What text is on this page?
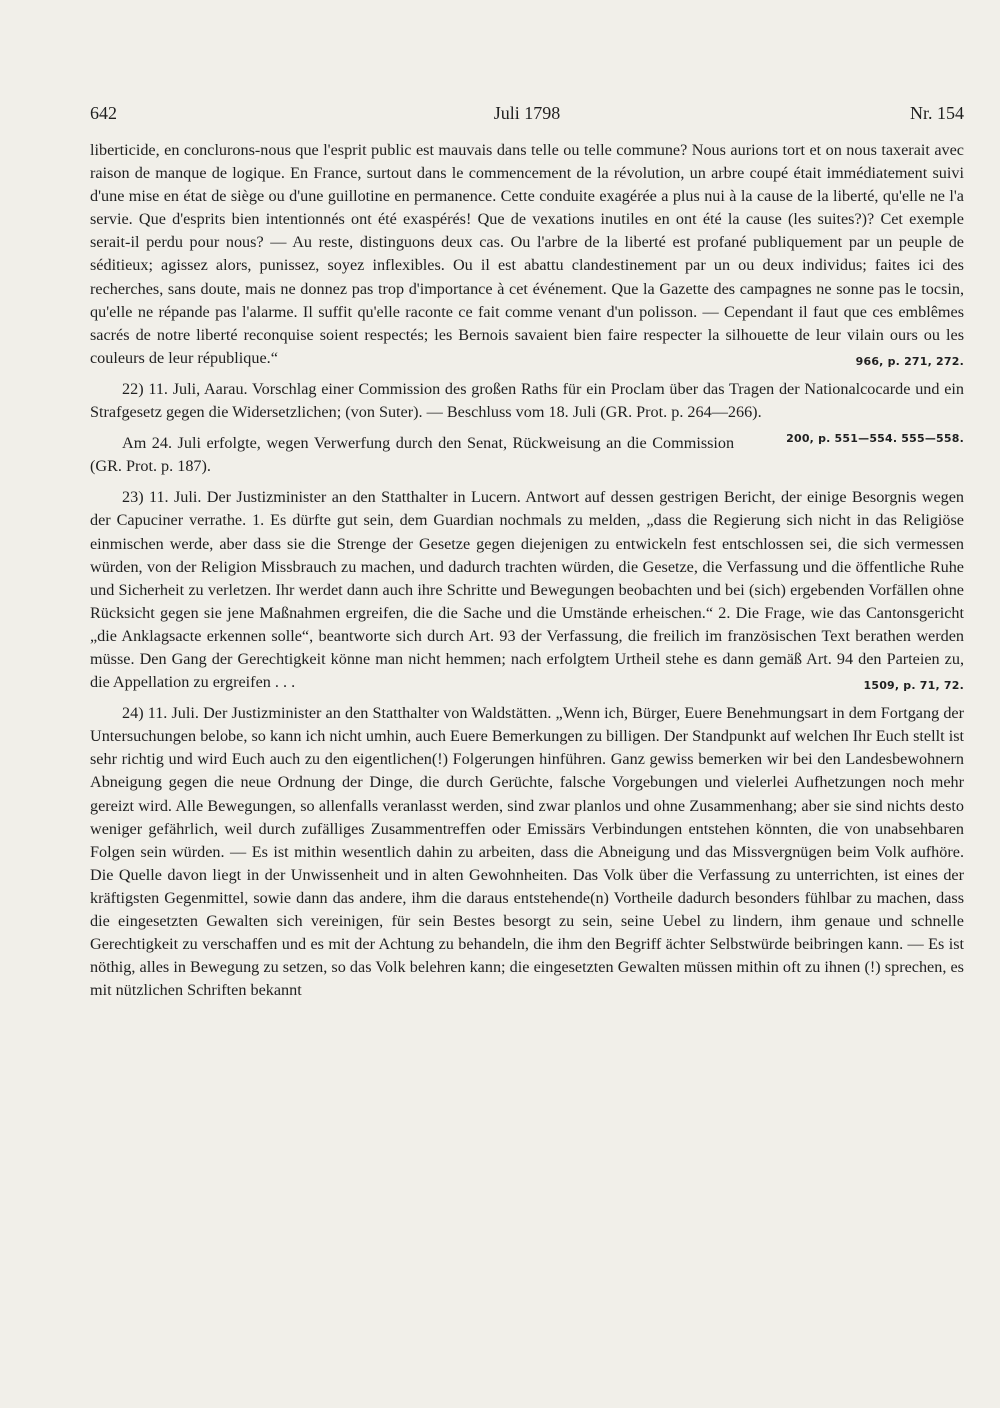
Juli 1798
642	Nr. 154

liberticide, en conclurons-nous que l'esprit public est mauvais dans telle ou telle commune? Nous aurions tort et on nous taxerait avec raison de manque de logique. En France, surtout dans le commencement de la révolution, un arbre coupé était immédiatement suivi d'une mise en état de siège ou d'une guillotine en permanence. Cette conduite exagérée a plus nui à la cause de la liberté, qu'elle ne l'a servie. Que d'esprits bien intentionnés ont été exaspérés! Que de vexations inutiles en ont été la cause (les suites?)? Cet exemple serait-il perdu pour nous? — Au reste, distinguons deux cas. Ou l'arbre de la liberté est profané publiquement par un peuple de séditieux; agissez alors, punissez, soyez inflexibles. Ou il est abattu clandestinement par un ou deux individus; faites ici des recherches, sans doute, mais ne donnez pas trop d'importance à cet événement. Que la Gazette des campagnes ne sonne pas le tocsin, qu'elle ne répande pas l'alarme. Il suffit qu'elle raconte ce fait comme venant d'un polisson. — Cependant il faut que ces emblêmes sacrés de notre liberté reconquise soient respectés; les Bernois savaient bien faire respecter la silhouette de leur vilain ours ou les couleurs de leur république.“	966, p. 271, 272.

22) 11. Juli, Aarau. Vorschlag einer Commission des großen Raths für ein Proclam über das Tragen der Nationalcocarde und ein Strafgesetz gegen die Widersetzlichen; (von Suter). — Beschluss vom 18. Juli (GR. Prot. p. 264—266).
200, p. 551—554. 555—558.

Am 24. Juli erfolgte, wegen Verwerfung durch den Senat, Rückweisung an die Commission (GR. Prot. p. 187).

23) 11. Juli. Der Justizminister an den Statthalter in Lucern. Antwort auf dessen gestrigen Bericht, der einige Besorgnis wegen der Capuciner verrathe. 1. Es dürfte gut sein, dem Guardian nochmals zu melden, „dass die Regierung sich nicht in das Religiöse einmischen werde, aber dass sie die Strenge der Gesetze gegen diejenigen zu entwickeln fest entschlossen sei, die sich vermessen würden, von der Religion Missbrauch zu machen, und dadurch trachten würden, die Gesetze, die Verfassung und die öffentliche Ruhe und Sicherheit zu verletzen. Ihr werdet dann auch ihre Schritte und Bewegungen beobachten und bei (sich) ergebenden Vorfällen ohne Rücksicht gegen sie jene Maßnahmen ergreifen, die die Sache und die Umstände erheischen.“ 2. Die Frage, wie das Cantonsgericht „die Anklagsacte erkennen solle“, beantworte sich durch Art. 93 der Verfassung, die freilich im französischen Text berathen werden müsse. Den Gang der Gerechtigkeit könne man nicht hemmen; nach erfolgtem Urtheil stehe es dann gemäß Art. 94 den Parteien zu, die Appellation zu ergreifen . . .	1509, p. 71, 72.

24) 11. Juli. Der Justizminister an den Statthalter von Waldstätten. „Wenn ich, Bürger, Euere Benehmungsart in dem Fortgang der Untersuchungen belobe, so kann ich nicht umhin, auch Euere Bemerkungen zu billigen. Der Standpunkt auf welchen Ihr Euch stellt ist sehr richtig und wird Euch auch zu den eigentlichen(!) Folgerungen hinführen. Ganz gewiss bemerken wir bei den Landesbewohnern Abneigung gegen die neue Ordnung der Dinge, die durch Gerüchte, falsche Vorgebungen und vielerlei Aufhetzungen noch mehr gereizt wird. Alle Bewegungen, so allenfalls veranlasst werden, sind zwar planlos und ohne Zusammenhang; aber sie sind nichts desto weniger gefährlich, weil durch zufälliges Zusammentreffen oder Emissärs Verbindungen entstehen könnten, die von unabsehbaren Folgen sein würden. — Es ist mithin wesentlich dahin zu arbeiten, dass die Abneigung und das Missvergnügen beim Volk aufhöre. Die Quelle davon liegt in der Unwissenheit und in alten Gewohnheiten. Das Volk über die Verfassung zu unterrichten, ist eines der kräftigsten Gegenmittel, sowie dann das andere, ihm die daraus entstehende(n) Vortheile dadurch besonders fühlbar zu machen, dass die eingesetzten Gewalten sich vereinigen, für sein Bestes besorgt zu sein, seine Uebel zu lindern, ihm genaue und schnelle Gerechtigkeit zu verschaffen und es mit der Achtung zu behandeln, die ihm den Begriff ächter Selbstwürde beibringen kann. — Es ist nöthig, alles in Bewegung zu setzen, so das Volk belehren kann; die eingesetzten Gewalten müssen mithin oft zu ihnen (!) sprechen, es mit nützlichen Schriften bekannt
